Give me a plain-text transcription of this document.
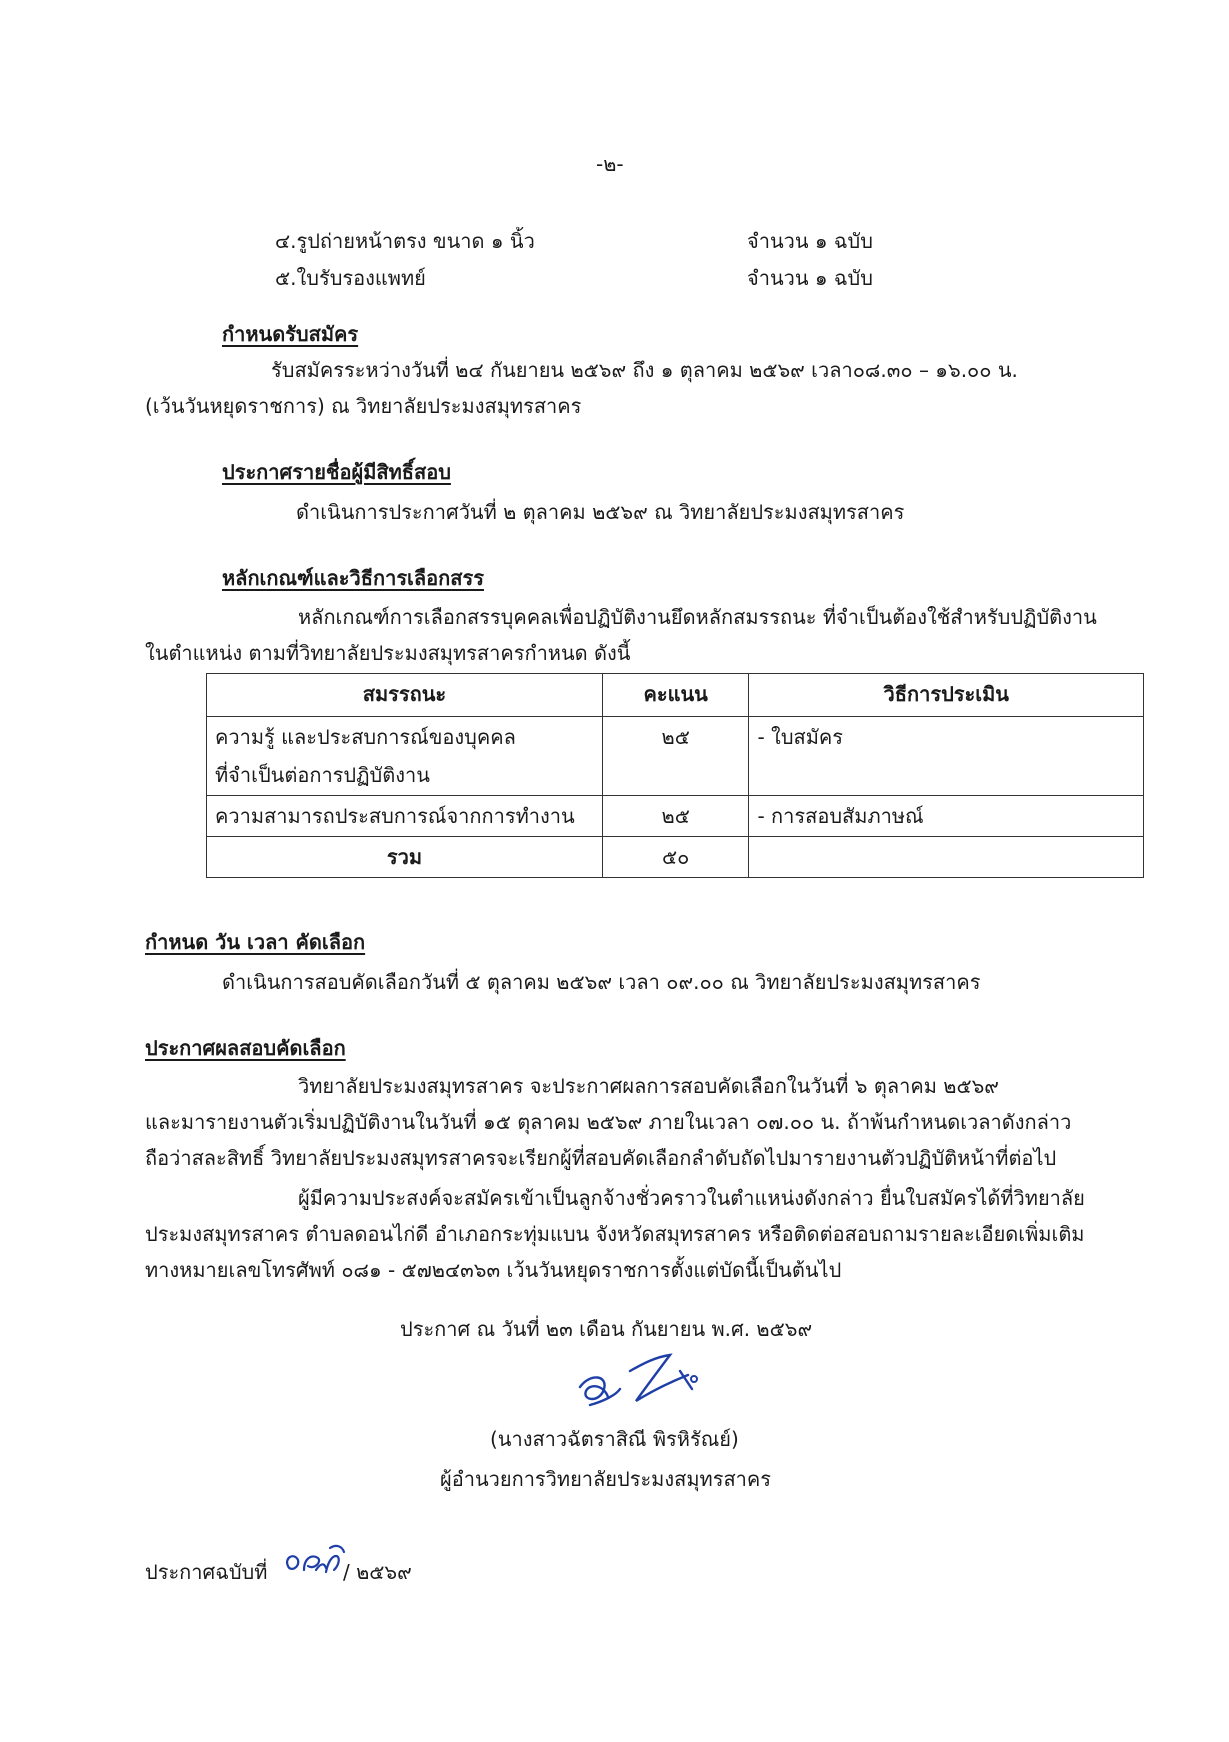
-๒-
๔.รูปถ่ายหน้าตรง ขนาด ๑ นิ้ว	จำนวน ๑ ฉบับ
๕.ใบรับรองแพทย์	จำนวน ๑ ฉบับ
กำหนดรับสมัคร
รับสมัครระหว่างวันที่ ๒๔ กันยายน ๒๕๖๙ ถึง ๑ ตุลาคม ๒๕๖๙ เวลา๐๘.๓๐ – ๑๖.๐๐ น.
(เว้นวันหยุดราชการ) ณ วิทยาลัยประมงสมุทรสาคร
ประกาศรายชื่อผู้มีสิทธิ์สอบ
ดำเนินการประกาศวันที่ ๒ ตุลาคม ๒๕๖๙ ณ วิทยาลัยประมงสมุทรสาคร
หลักเกณฑ์และวิธีการเลือกสรร
หลักเกณฑ์การเลือกสรรบุคคลเพื่อปฏิบัติงานยึดหลักสมรรถนะ ที่จำเป็นต้องใช้สำหรับปฏิบัติงาน
ในตำแหน่ง ตามที่วิทยาลัยประมงสมุทรสาครกำหนด ดังนี้
สมรรถนะ	คะแนน	วิธีการประเมิน

ความรู้ และประสบการณ์ของบุคคล
ที่จำเป็นต่อการปฏิบัติงาน	๒๕	- ใบสมัคร
ความสามารถประสบการณ์จากการทำงาน	๒๕	- การสอบสัมภาษณ์
รวม	๕๐	
กำหนด วัน เวลา คัดเลือก
ดำเนินการสอบคัดเลือกวันที่ ๕ ตุลาคม ๒๕๖๙ เวลา ๐๙.๐๐ ณ วิทยาลัยประมงสมุทรสาคร
ประกาศผลสอบคัดเลือก
วิทยาลัยประมงสมุทรสาคร จะประกาศผลการสอบคัดเลือกในวันที่ ๖ ตุลาคม ๒๕๖๙
และมารายงานตัวเริ่มปฏิบัติงานในวันที่ ๑๕ ตุลาคม ๒๕๖๙ ภายในเวลา ๐๗.๐๐ น. ถ้าพ้นกำหนดเวลาดังกล่าว
ถือว่าสละสิทธิ์ วิทยาลัยประมงสมุทรสาครจะเรียกผู้ที่สอบคัดเลือกลำดับถัดไปมารายงานตัวปฏิบัติหน้าที่ต่อไป
ผู้มีความประสงค์จะสมัครเข้าเป็นลูกจ้างชั่วคราวในตำแหน่งดังกล่าว ยื่นใบสมัครได้ที่วิทยาลัย
ประมงสมุทรสาคร ตำบลดอนไก่ดี อำเภอกระทุ่มแบน จังหวัดสมุทรสาคร หรือติดต่อสอบถามรายละเอียดเพิ่มเติม
ทางหมายเลขโทรศัพท์ ๐๘๑ - ๕๗๒๔๓๖๓ เว้นวันหยุดราชการตั้งแต่บัดนี้เป็นต้นไป
ประกาศ ณ วันที่ ๒๓ เดือน กันยายน พ.ศ. ๒๕๖๙
(นางสาวฉัตราสิณี พิรหิรัณย์)
ผู้อำนวยการวิทยาลัยประมงสมุทรสาคร
ประกาศฉบับที่	/ ๒๕๖๙
